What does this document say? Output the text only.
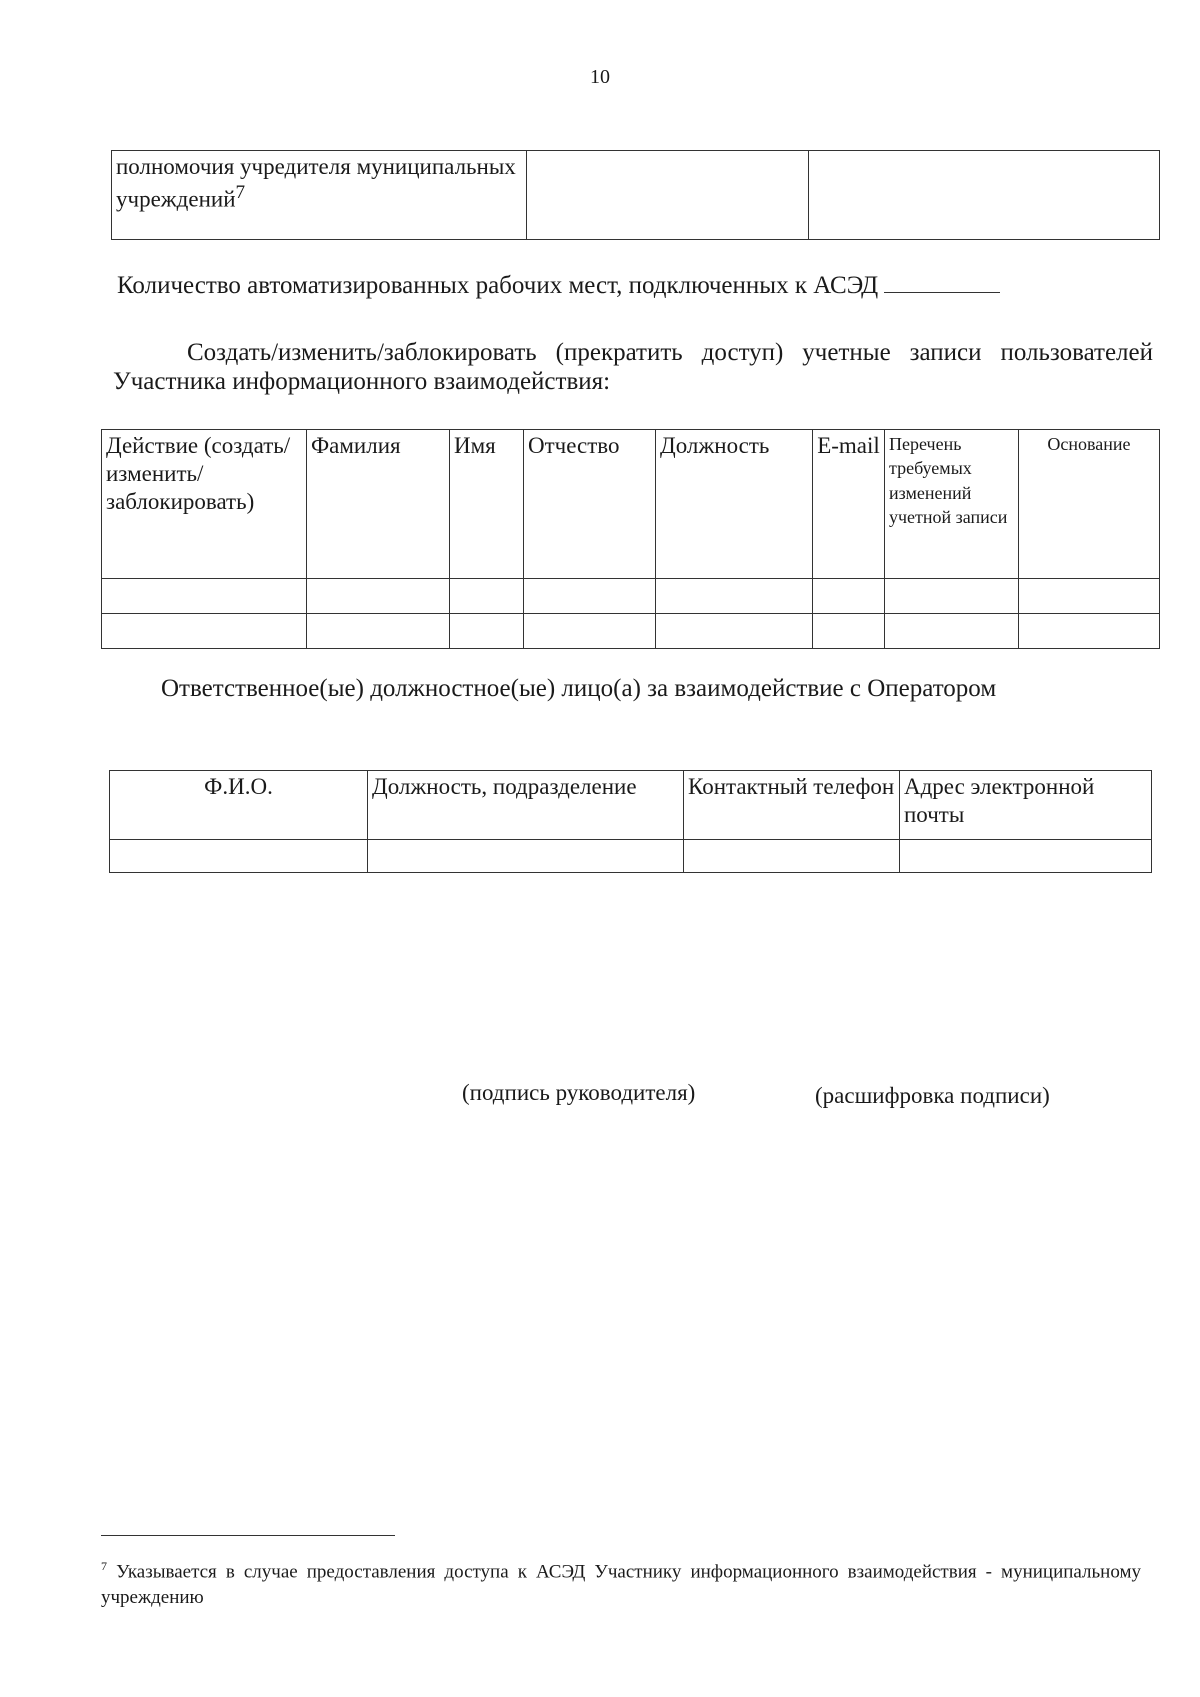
10
полномочия учредителя муниципальных учреждений$^7$		
Количество автоматизированных рабочих мест, подключенных к АСЭД
Создать/изменить/заблокировать (прекратить доступ) учетные записи пользователей Участника информационного взаимодействия:
Действие (создать/ изменить/ заблокировать)	Фамилия	Имя	Отчество	Должность	E-mail	Перечень требуемых изменений учетной записи	Основание

Ответственное(ые) должностное(ые) лицо(а) за взаимодействие с Оператором
Ф.И.О.	Должность, подразделение	Контактный телефон	Адрес электронной почты

(подпись руководителя)	(расшифровка подписи)
$^7$ Указывается в случае предоставления доступа к АСЭД Участнику информационного взаимодействия - муниципальному учреждению
